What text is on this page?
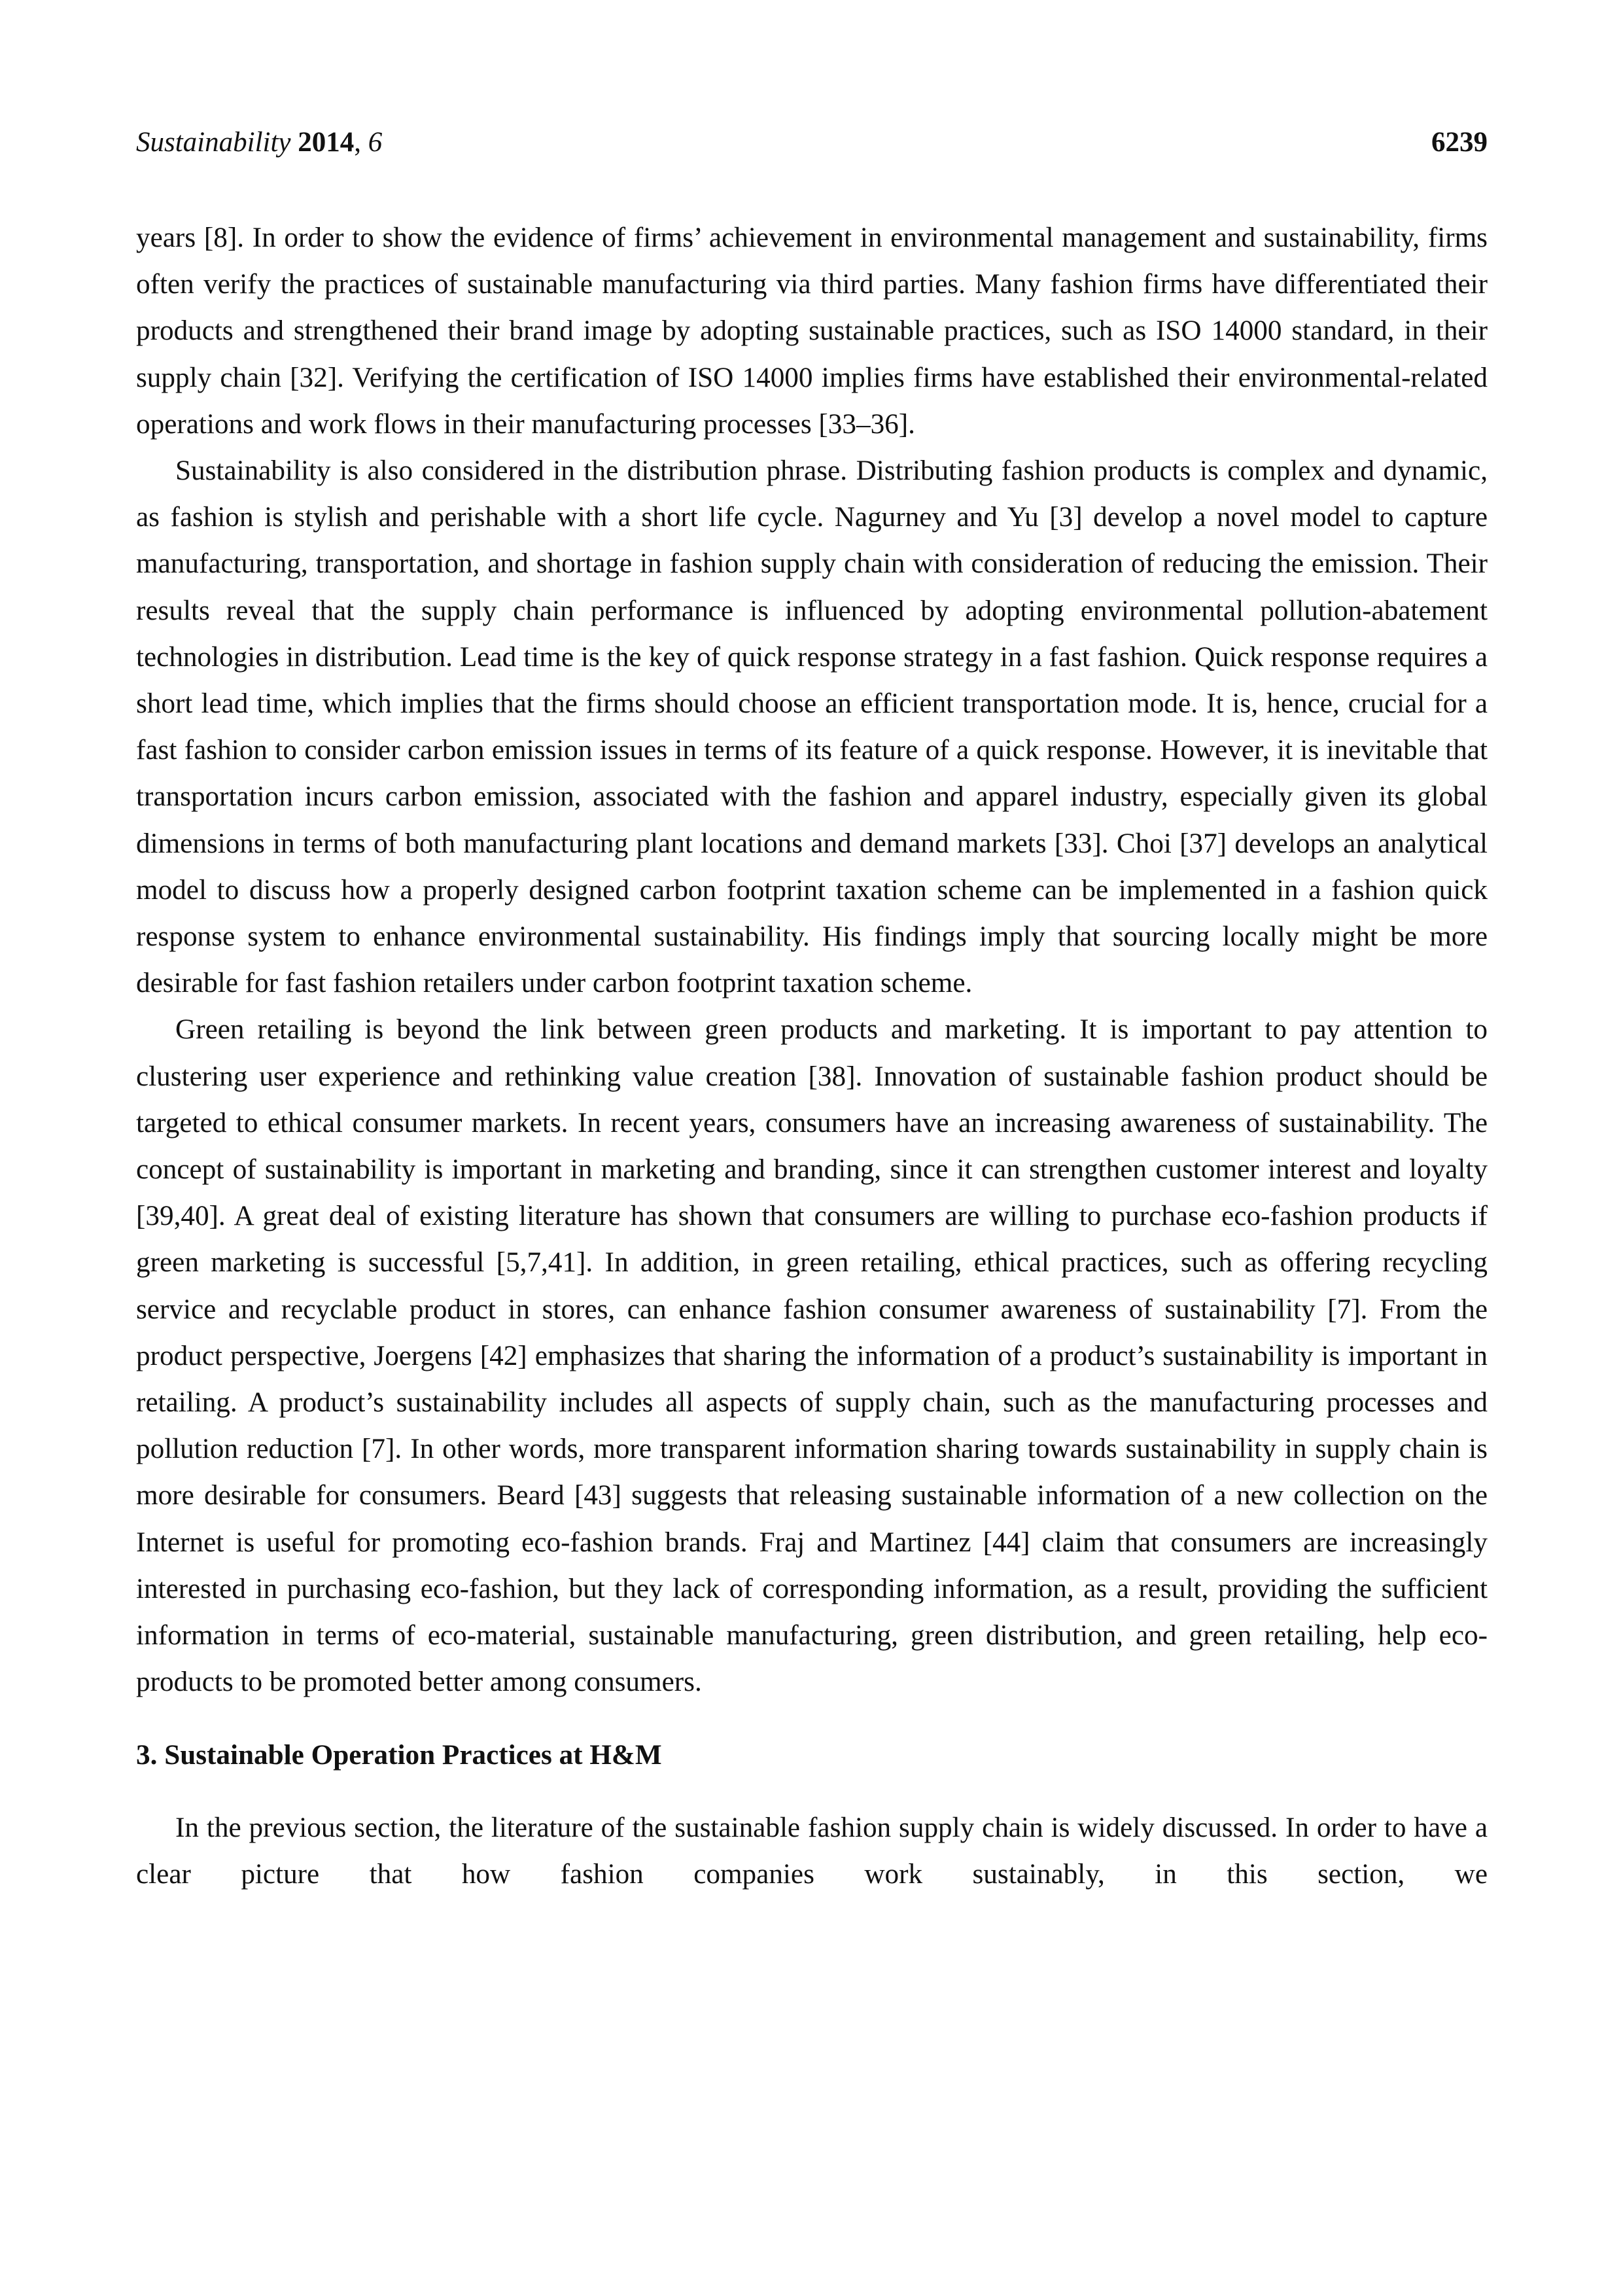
Sustainability 2014, 6	6239

years [8]. In order to show the evidence of firms’ achievement in environmental management and sustainability, firms often verify the practices of sustainable manufacturing via third parties. Many fashion firms have differentiated their products and strengthened their brand image by adopting sustainable practices, such as ISO 14000 standard, in their supply chain [32]. Verifying the certification of ISO 14000 implies firms have established their environmental-related operations and work flows in their manufacturing processes [33–36].

Sustainability is also considered in the distribution phrase. Distributing fashion products is complex and dynamic, as fashion is stylish and perishable with a short life cycle. Nagurney and Yu [3] develop a novel model to capture manufacturing, transportation, and shortage in fashion supply chain with consideration of reducing the emission. Their results reveal that the supply chain performance is influenced by adopting environmental pollution-abatement technologies in distribution. Lead time is the key of quick response strategy in a fast fashion. Quick response requires a short lead time, which implies that the firms should choose an efficient transportation mode. It is, hence, crucial for a fast fashion to consider carbon emission issues in terms of its feature of a quick response. However, it is inevitable that transportation incurs carbon emission, associated with the fashion and apparel industry, especially given its global dimensions in terms of both manufacturing plant locations and demand markets [33]. Choi [37] develops an analytical model to discuss how a properly designed carbon footprint taxation scheme can be implemented in a fashion quick response system to enhance environmental sustainability. His findings imply that sourcing locally might be more desirable for fast fashion retailers under carbon footprint taxation scheme.

Green retailing is beyond the link between green products and marketing. It is important to pay attention to clustering user experience and rethinking value creation [38]. Innovation of sustainable fashion product should be targeted to ethical consumer markets. In recent years, consumers have an increasing awareness of sustainability. The concept of sustainability is important in marketing and branding, since it can strengthen customer interest and loyalty [39,40]. A great deal of existing literature has shown that consumers are willing to purchase eco-fashion products if green marketing is successful [5,7,41]. In addition, in green retailing, ethical practices, such as offering recycling service and recyclable product in stores, can enhance fashion consumer awareness of sustainability [7]. From the product perspective, Joergens [42] emphasizes that sharing the information of a product’s sustainability is important in retailing. A product’s sustainability includes all aspects of supply chain, such as the manufacturing processes and pollution reduction [7]. In other words, more transparent information sharing towards sustainability in supply chain is more desirable for consumers. Beard [43] suggests that releasing sustainable information of a new collection on the Internet is useful for promoting eco-fashion brands. Fraj and Martinez [44] claim that consumers are increasingly interested in purchasing eco-fashion, but they lack of corresponding information, as a result, providing the sufficient information in terms of eco-material, sustainable manufacturing, green distribution, and green retailing, help eco-products to be promoted better among consumers.

3. Sustainable Operation Practices at H&M

In the previous section, the literature of the sustainable fashion supply chain is widely discussed. In order to have a clear picture that how fashion companies work sustainably, in this section, we
